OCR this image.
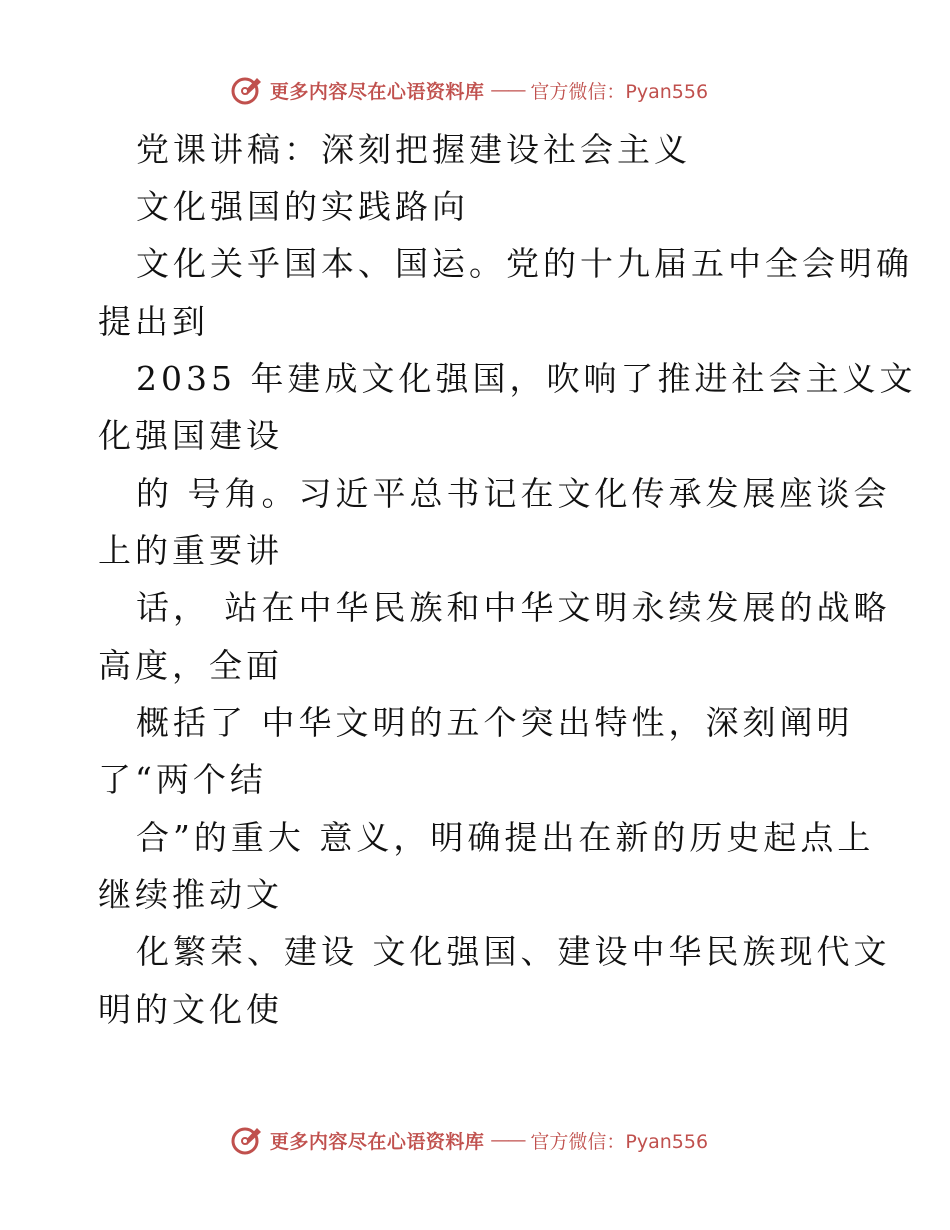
更多内容尽在心语资料库 —— 官方微信：Pyan556
党课讲稿：深刻把握建设社会主义
文化强国的实践路向
文化关乎国本、国运。党的十九届五中全会明确
提出到
2035 年建成文化强国，吹响了推进社会主义文
化强国建设
的 号角。习近平总书记在文化传承发展座谈会
上的重要讲
话， 站在中华民族和中华文明永续发展的战略
高度，全面
概括了 中华文明的五个突出特性，深刻阐明
了“两个结
合”的重大 意义，明确提出在新的历史起点上
继续推动文
化繁荣、建设 文化强国、建设中华民族现代文
明的文化使
更多内容尽在心语资料库 —— 官方微信：Pyan556
